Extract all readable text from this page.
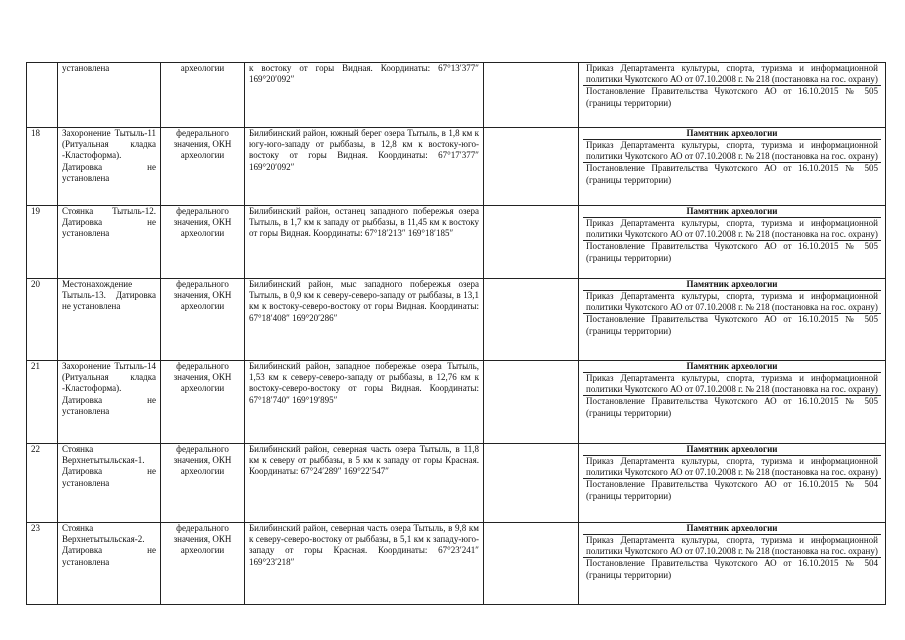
	установлена	археологии	к востоку от горы Видная. Координаты: 67°13′377″ 169°20′092″		Приказ Департамента культуры, спорта, туризма и информационной политики Чукотского АО от 07.10.2008 г. № 218 (постановка на гос. охрану)
Постановление Правительства Чукотского АО от 16.10.2015 № 505 (границы территории)

18	Захоронение Тытыль-11 (Ритуальная кладка -Кластоформа). Датировка не установлена	федерального значения, ОКН археологии	Билибинский район, южный берег озера Тытыль, в 1,8 км к югу-юго-западу от рыббазы, в 12,8 км к востоку-юго-востоку от горы Видная. Координаты: 67°17′377″ 169°20′092″		Памятник археологии
Приказ Департамента культуры, спорта, туризма и информационной политики Чукотского АО от 07.10.2008 г. № 218 (постановка на гос. охрану)
Постановление Правительства Чукотского АО от 16.10.2015 № 505 (границы территории)

19	Стоянка Тытыль-12. Датировка не установлена	федерального значения, ОКН археологии	Билибинский район, останец западного побережья озера Тытыль, в 1,7 км к западу от рыббазы, в 11,45 км к востоку от горы Видная. Координаты: 67°18′213″ 169°18′185″		Памятник археологии
Приказ Департамента культуры, спорта, туризма и информационной политики Чукотского АО от 07.10.2008 г. № 218 (постановка на гос. охрану)
Постановление Правительства Чукотского АО от 16.10.2015 № 505 (границы территории)

20	Местонахождение Тытыль-13. Датировка не установлена	федерального значения, ОКН археологии	Билибинский район, мыс западного побережья озера Тытыль, в 0,9 км к северу-северо-западу от рыббазы, в 13,1 км к востоку-северо-востоку от горы Видная. Координаты: 67°18′408″ 169°20′286″		Памятник археологии
Приказ Департамента культуры, спорта, туризма и информационной политики Чукотского АО от 07.10.2008 г. № 218 (постановка на гос. охрану)
Постановление Правительства Чукотского АО от 16.10.2015 № 505 (границы территории)

21	Захоронение Тытыль-14 (Ритуальная кладка -Кластоформа). Датировка не установлена	федерального значения, ОКН археологии	Билибинский район, западное побережье озера Тытыль, 1,53 км к северу-северо-западу от рыббазы, в 12,76 км к востоку-северо-востоку от горы Видная. Координаты: 67°18′740″ 169°19′895″		Памятник археологии
Приказ Департамента культуры, спорта, туризма и информационной политики Чукотского АО от 07.10.2008 г. № 218 (постановка на гос. охрану)
Постановление Правительства Чукотского АО от 16.10.2015 № 505 (границы территории)

22	Стоянка Верхнетытыльская-1. Датировка не установлена	федерального значения, ОКН археологии	Билибинский район, северная часть озера Тытыль, в 11,8 км к северу от рыббазы, в 5 км к западу от горы Красная. Координаты: 67°24′289″ 169°22′547″		Памятник археологии
Приказ Департамента культуры, спорта, туризма и информационной политики Чукотского АО от 07.10.2008 г. № 218 (постановка на гос. охрану)
Постановление Правительства Чукотского АО от 16.10.2015 № 504 (границы территории)

23	Стоянка Верхнетытыльская-2. Датировка не установлена	федерального значения, ОКН археологии	Билибинский район, северная часть озера Тытыль, в 9,8 км к северу-северо-востоку от рыббазы, в 5,1 км к западу-юго-западу от горы Красная. Координаты: 67°23′241″ 169°23′218″		Памятник археологии
Приказ Департамента культуры, спорта, туризма и информационной политики Чукотского АО от 07.10.2008 г. № 218 (постановка на гос. охрану)
Постановление Правительства Чукотского АО от 16.10.2015 № 504 (границы территории)
